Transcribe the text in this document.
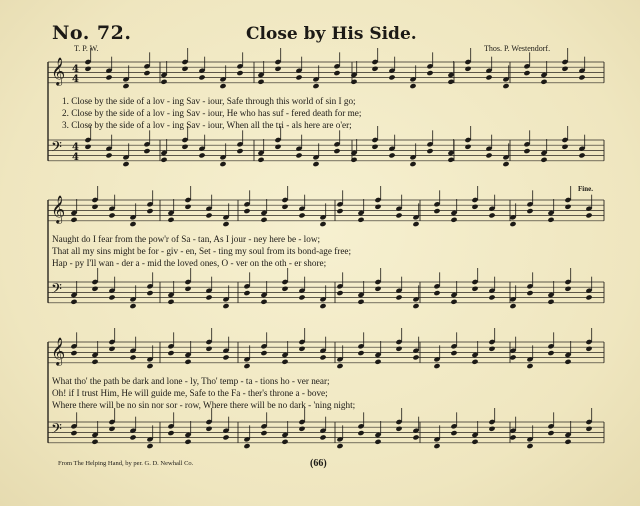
No. 72.	Close by His Side.
T. P. W.	Thos. P. Westendorf.
𝄞 4
4
𝄢 4
4
𝄞
𝄢
𝄞
𝄢
1. Close by the side of a lov - ing Sav - iour, Safe through this world of sin I go;
2. Close by the side of a lov - ing Sav - iour, He who has suf - fered death for me;
3. Close by the side of a lov - ing Sav - iour, When all the tri - als here are o'er;
Fine.
Naught do I fear from the pow'r of Sa - tan, As I jour - ney here be - low;
That all my sins might be for - giv - en, Set - ting my soul from its bond-age free;
Hap - py I'll wan - der a - mid the loved ones, O - ver on the oth - er shore;
What tho' the path be dark and lone - ly, Tho' temp - ta - tions ho - ver near;
Oh! if I trust Him, He will guide me, Safe to the Fa - ther's throne a - bove;
Where there will be no sin nor sor - row, Where there will be no dark - 'ning night;
From The Helping Hand, by per. G. D. Newhall Co.	(66)
